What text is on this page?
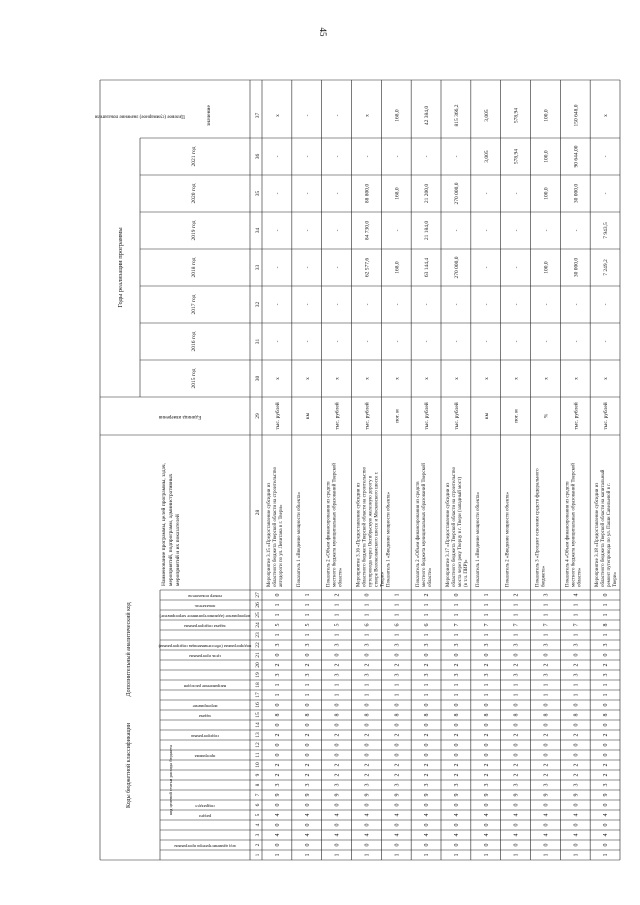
45
Коды бюджетной классификации
Дополнительный аналитический код
код администратора программы
раздел
подраздел
программа
подпрограмма
задача
мероприятие
направление расходов
цель программы
подпрограмма (обеспечивающая подпрограмма)
задача подпрограммы
мероприятие (административное мероприятие)
показатель
номер показателя
код целевой статьи расхода бюджета
Наименование программы, целей программы, задач,мероприятий, подпрограмм, административныхмероприятий и их показателей
Единица измерения
Годы реализации программы
2015 год
2016 год
2017 год
2018 год
2019 год
2020 год
2021 год
Целевое (суммарное) значение показателя	значение
1
2
3
4
5
6
7
8
9
10
11
12
13
14
15
16
17
18
19
20
21
22
23
24
25
26
27
28
29
30
31
32
33
34
35
36
37
1
0
4
0
4
0
9
3
2
2
0
0
2
0
8
0
1
1
3
2
0
3
1
5
1
1
0
Мероприятие 3.15 «Предоставление субсидии изобластного бюджета Тверской области на строительствоавтодороги по ул. Левитана в г. Твери»
тыс. рублей
х
-
-
-
-
-
-
х
1
0
4
0
4
0
9
3
2
2
0
0
2
0
8
0
1
1
3
2
0
3
1
5
1
1
1
Показатель 1 «Введение мощности объекта»
км
х
-
-
-
-
-
-
-
1
0
4
0
4
0
9
3
2
2
0
0
2
0
8
0
1
1
3
2
0
3
1
5
1
1
2
Показатель 2 «Объем финансирования из средствместного бюджета муниципальных образований Тверскойобласти»
тыс. рублей
х
-
-
-
-
-
-
-
1
0
4
0
4
0
9
3
2
2
0
0
2
0
8
0
1
1
3
2
0
3
1
6
1
1
0
Мероприятие 3.16 «Предоставление субсидии изобластного бюджета Тверской области на строительствопутепровода через Октябрьскую железную дорогу встворе Волоколамского шоссе и Московского шоссе г.Твери»
тыс. рублей
х
-
-
62 577,6
84 730,0
88 800,0
-
х
1
0
4
0
4
0
9
3
2
2
0
0
2
0
8
0
1
1
3
2
0
3
1
6
1
1
1
Показатель 1 «Введение мощности объекта»
пог. м
х
-
-
168,0
-
168,0
-
168,0
1
0
4
0
4
0
9
3
2
2
0
0
2
0
8
0
1
1
3
2
0
3
1
6
1
1
2
Показатель 2 «Объем финансирования из средствместного бюджета муниципальных образований Тверскойобласти»
тыс. рублей
х
-
-
63 144,4
21 184,0
21 200,0
-
42 384,0
1
0
4
0
4
0
9
3
2
2
0
0
2
0
8
0
1
1
3
2
0
3
1
7
1
1
0
Мероприятие 3.17 «Предоставление субсидии изобластного бюджета Тверской области на строительствомоста через реку Тверцу в г. Твери (западный мост)(в т.ч. ПИР)»
тыс. рублей
х
-
-
270 000,0
-
270 000,0
-
815 366,2
1
0
4
0
4
0
9
3
2
2
0
0
2
0
8
0
1
1
3
2
0
3
1
7
1
1
1
Показатель 1 «Введение мощности объекта»
км
х
-
-
-
-
-
3,005
3,005
1
0
4
0
4
0
9
3
2
2
0
0
2
0
8
0
1
1
3
2
0
3
1
7
1
1
2
Показатель 2 «Введение мощности объекта»
пог. м
х
-
-
-
-
-
578,94
578,94
1
0
4
0
4
0
9
3
2
2
0
0
2
0
8
0
1
1
3
2
0
3
1
7
1
1
3
Показатель 3 «Процент освоения средств федеральногобюджета»
%
х
-
-
100,0
-
100,0
100,0
100,0
1
0
4
0
4
0
9
3
2
2
0
0
2
0
8
0
1
1
3
2
0
3
1
7
1
1
4
Показатель 4 «Объем финансирования из средствместного бюджета муниципальных образований Тверскойобласти»
тыс. рублей
х
-
-
30 000,0
-
30 000,0
90 644,00
150 648,0
1
0
4
0
4
0
9
3
2
2
0
0
2
0
8
0
1
1
3
2
0
3
1
8
1
1
0
Мероприятие 3.18 «Предоставление субсидии изобластного бюджета Тверской области на капитальныйремонт путепровода по ул. Паши Савельевой в г.Твери»
тыс. рублей
х
-
-
7 249,2
7 943,5
-
-
х
